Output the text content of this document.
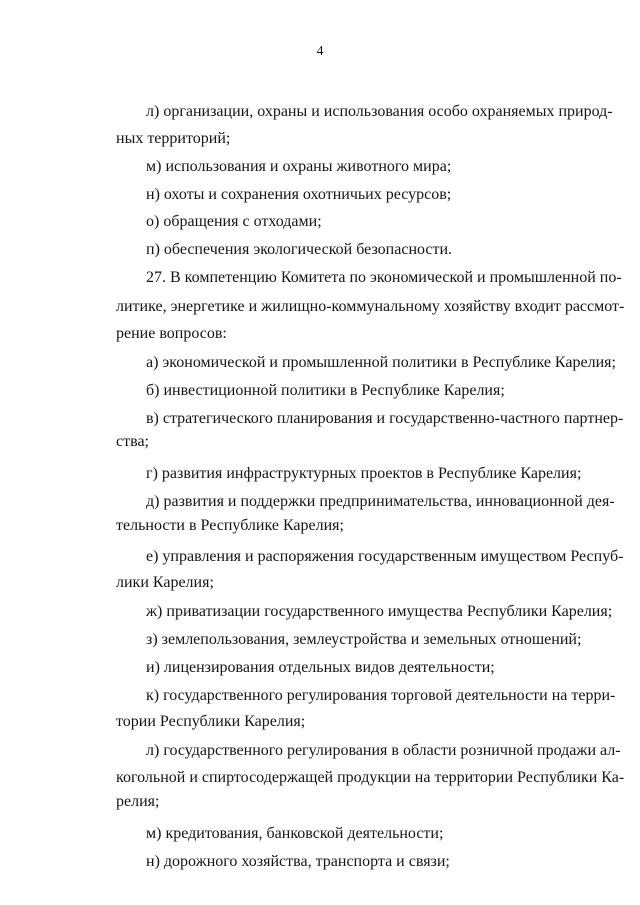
4
л) организации, охраны и использования особо охраняемых природ-
ных территорий;
м) использования и охраны животного мира;
н) охоты и сохранения охотничьих ресурсов;
о) обращения с отходами;
п) обеспечения экологической безопасности.
27. В компетенцию Комитета по экономической и промышленной по-
литике, энергетике и жилищно-коммунальному хозяйству входит рассмот-
рение вопросов:
а) экономической и промышленной политики в Республике Карелия;
б) инвестиционной политики в Республике Карелия;
в) стратегического планирования и государственно-частного партнер-
ства;
г) развития инфраструктурных проектов в Республике Карелия;
д) развития и поддержки предпринимательства, инновационной дея-
тельности в Республике Карелия;
е) управления и распоряжения государственным имуществом Респуб-
лики Карелия;
ж) приватизации государственного имущества Республики Карелия;
з) землепользования, землеустройства и земельных отношений;
и) лицензирования отдельных видов деятельности;
к) государственного регулирования торговой деятельности на терри-
тории Республики Карелия;
л) государственного регулирования в области розничной продажи ал-
когольной и спиртосодержащей продукции на территории Республики Ка-
релия;
м) кредитования, банковской деятельности;
н) дорожного хозяйства, транспорта и связи;
